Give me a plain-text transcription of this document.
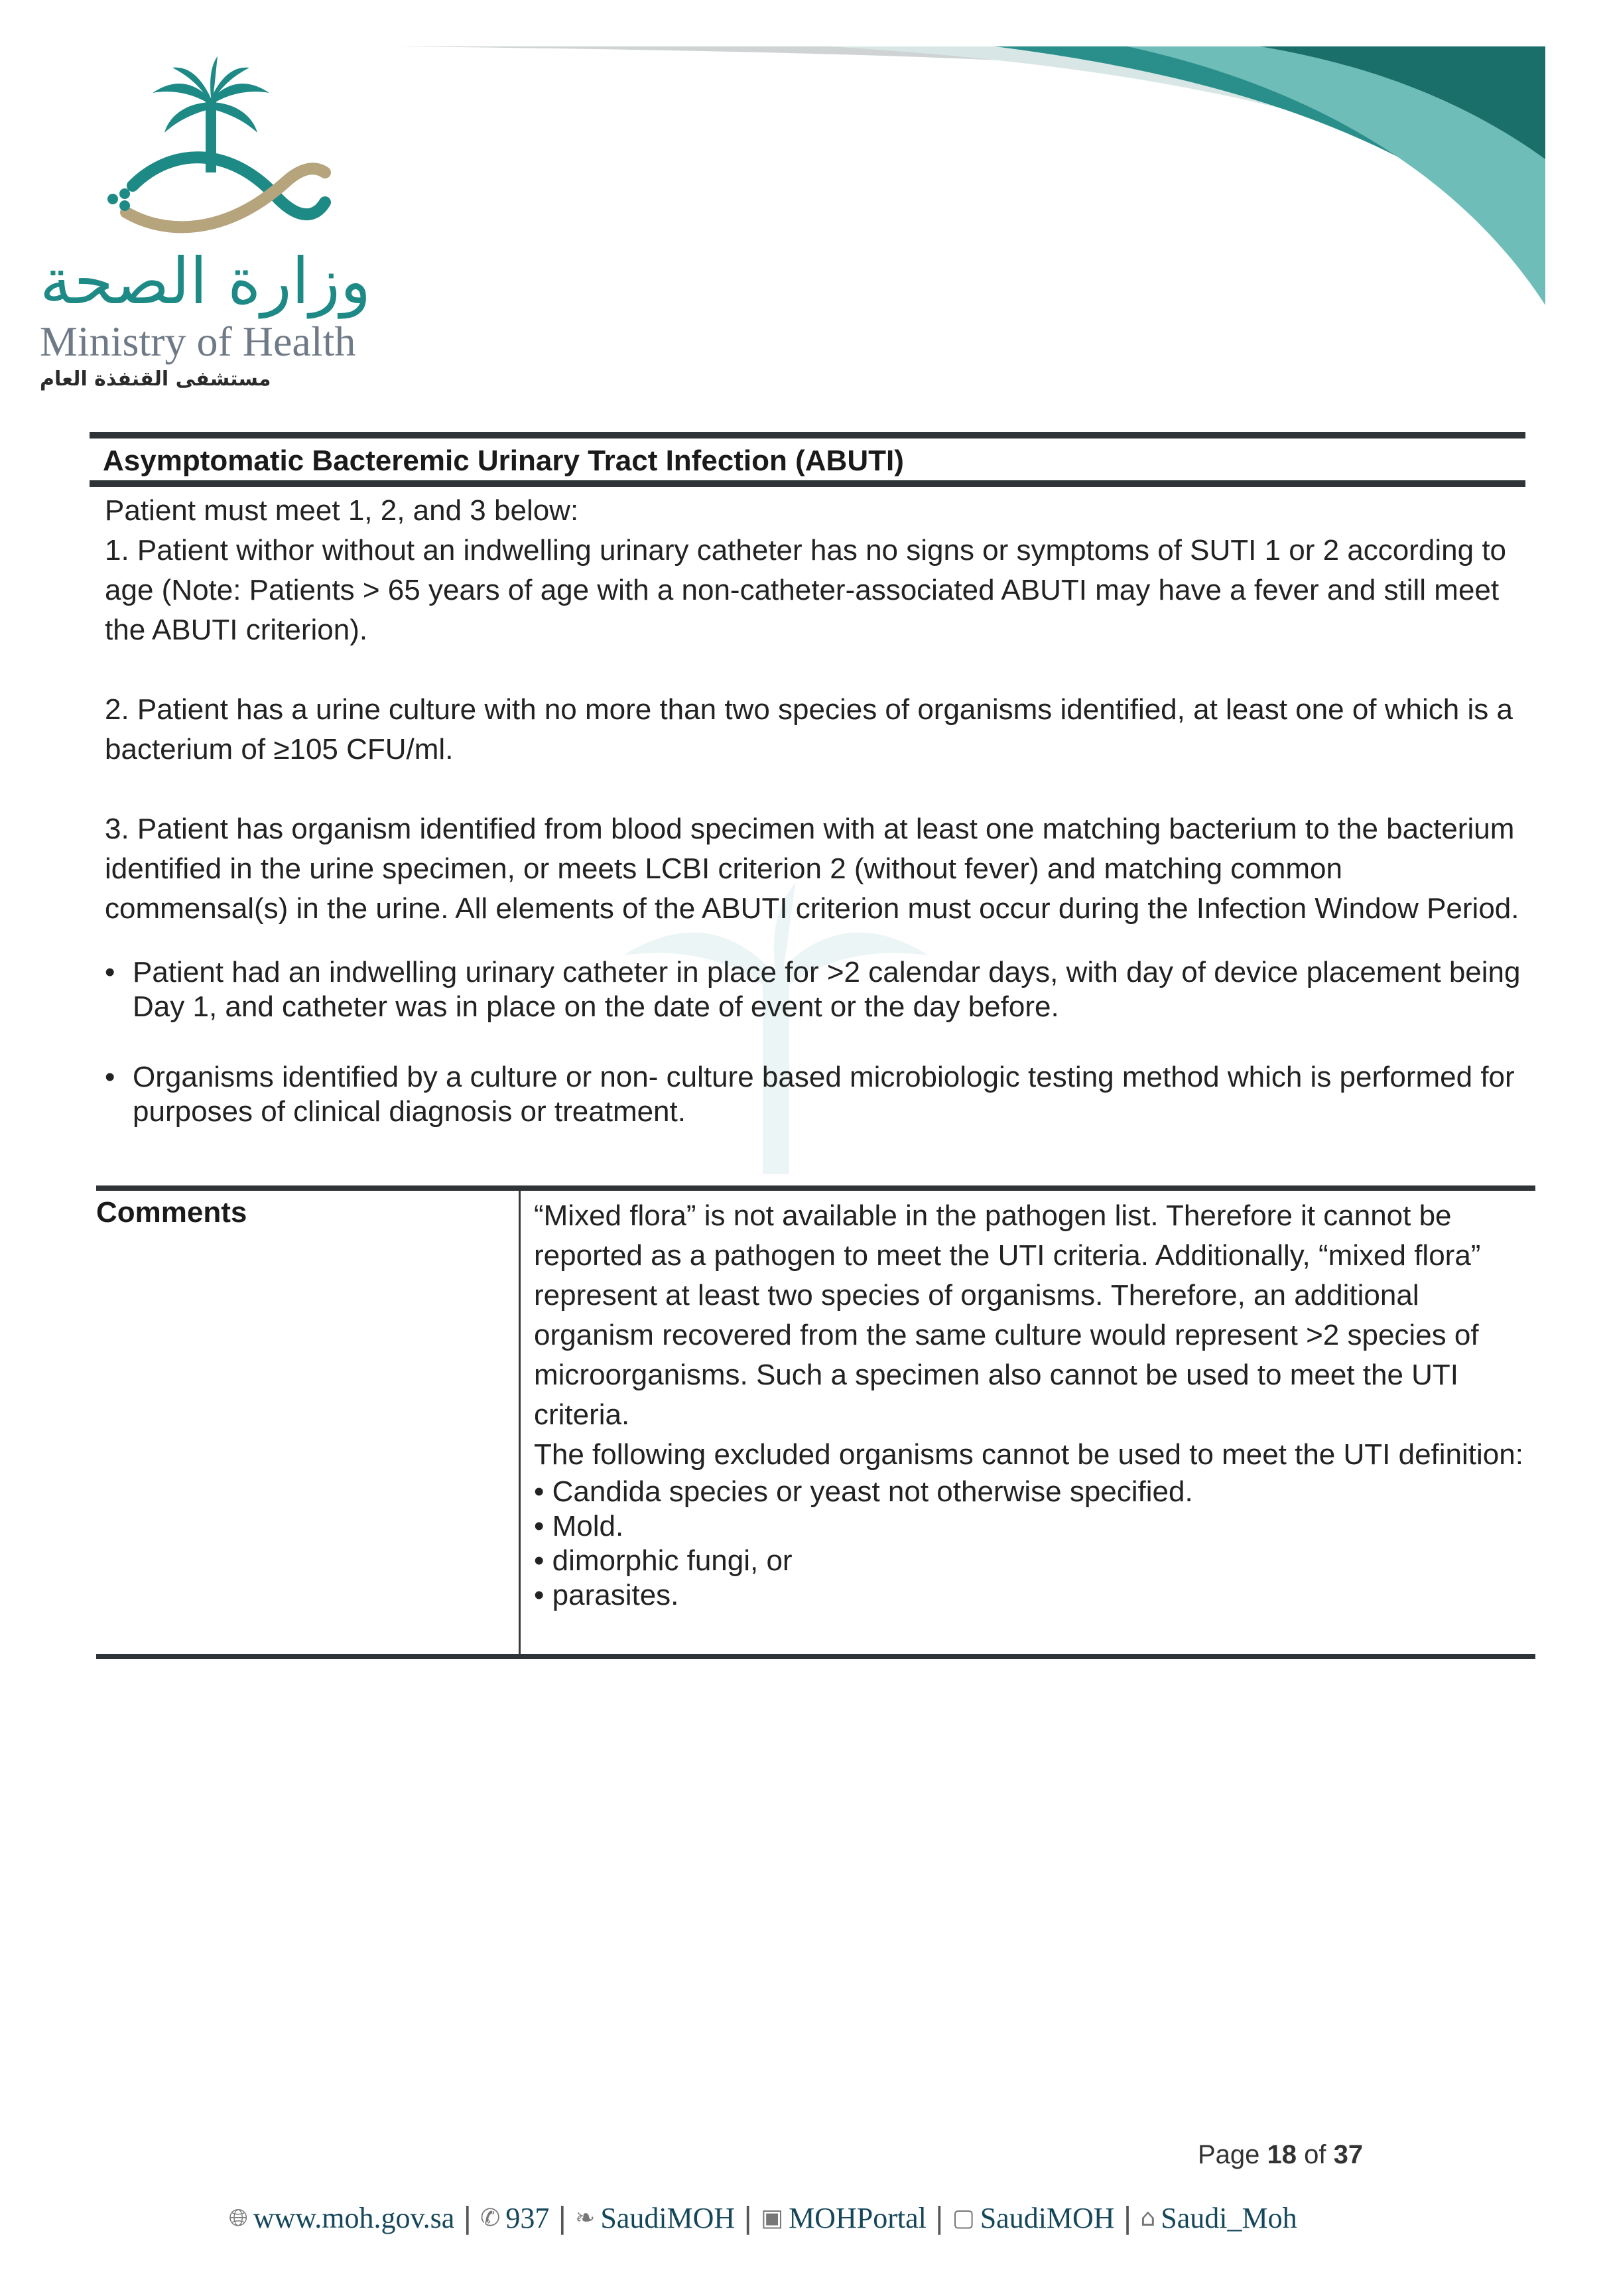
وزارة الصحة
Ministry of Health
مستشفى القنفذة العام
Asymptomatic Bacteremic Urinary Tract Infection (ABUTI)

Patient must meet 1, 2, and 3 below:

1. Patient withor without an indwelling urinary catheter has no signs or symptoms of SUTI 1 or 2 according to age (Note: Patients > 65 years of age with a non-catheter-associated ABUTI may have a fever and still meet the ABUTI criterion).

2. Patient has a urine culture with no more than two species of organisms identified, at least one of which is a bacterium of ≥105 CFU/ml.

3. Patient has organism identified from blood specimen with at least one matching bacterium to the bacterium identified in the urine specimen, or meets LCBI criterion 2 (without fever) and matching common commensal(s) in the urine. All elements of the ABUTI criterion must occur during the Infection Window Period.

• Patient had an indwelling urinary catheter in place for >2 calendar days, with day of device placement being Day 1, and catheter was in place on the date of event or the day before.
• Organisms identified by a culture or non- culture based microbiologic testing method which is performed for purposes of clinical diagnosis or treatment.
Comments	“Mixed flora” is not available in the pathogen list. Therefore it cannot be reported as a pathogen to meet the UTI criteria. Additionally, “mixed flora” represent at least two species of organisms. Therefore, an additional organism recovered from the same culture would represent >2 species of microorganisms. Such a specimen also cannot be used to meet the UTI criteria.

The following excluded organisms cannot be used to meet the UTI definition:

• Candida species or yeast not otherwise specified.
• Mold.
• dimorphic fungi, or
• parasites.
Page 18 of 37
🌐︎ www.moh.gov.sa | ✆ 937 | ❧ SaudiMOH | ▣ MOHPortal | ▢ SaudiMOH | ⌂ Saudi_Moh
